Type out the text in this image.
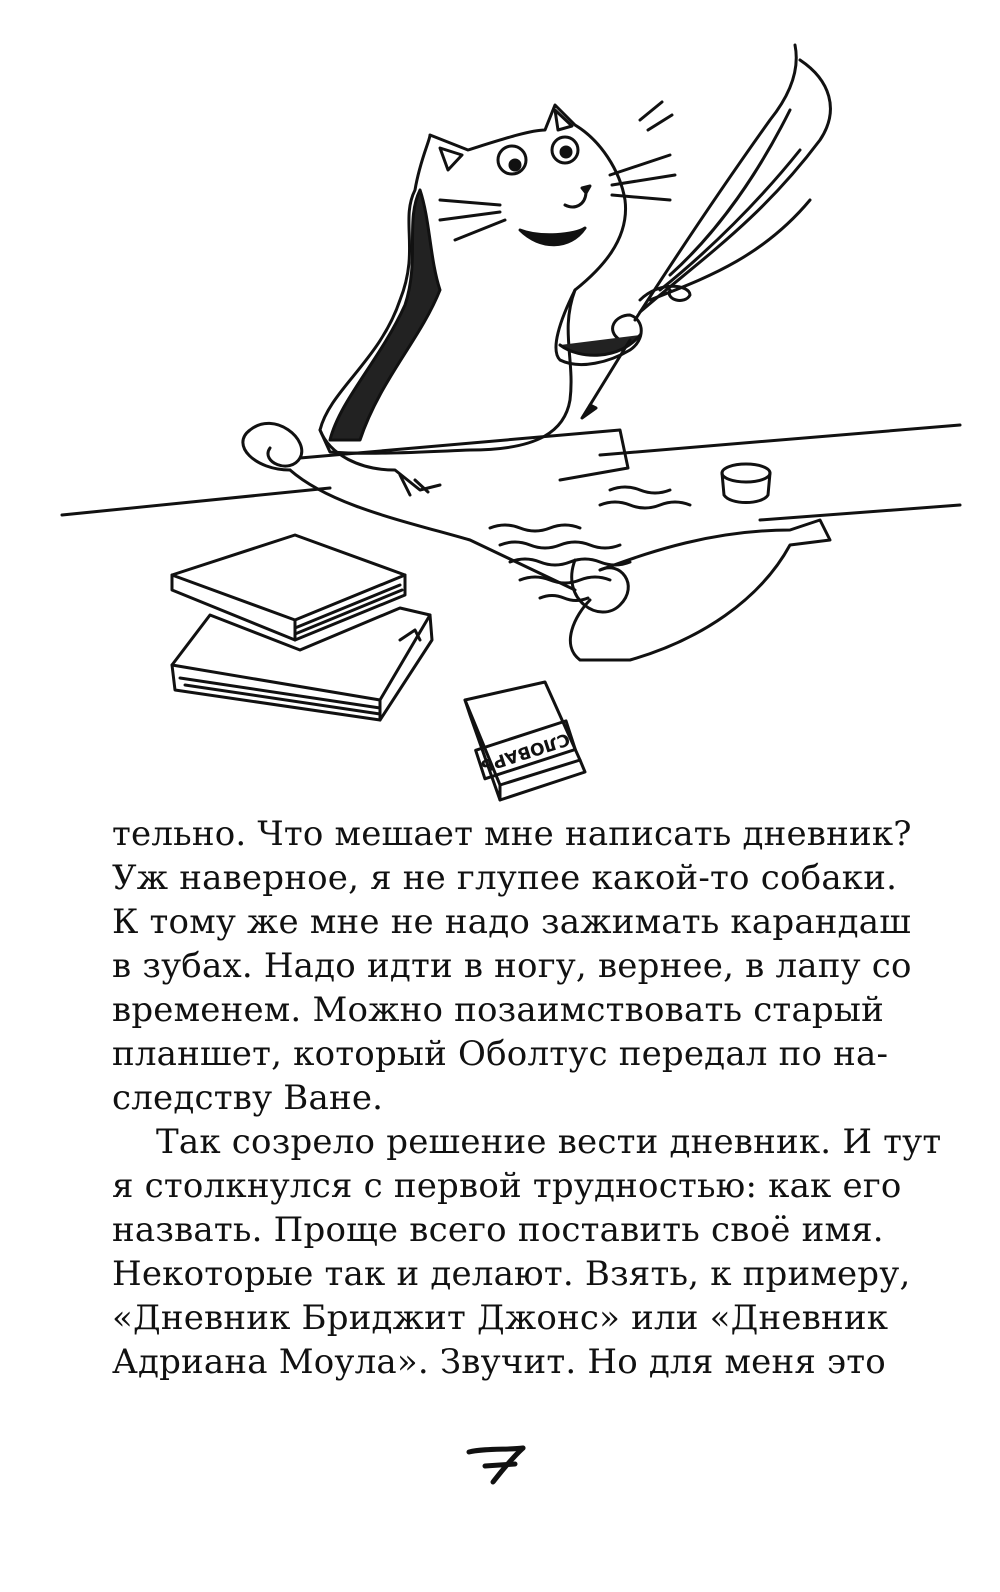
СЛОВАРЬ
тельно. Что мешает мне написать дневник?
Уж наверное, я не глупее какой-то собаки.
К тому же мне не надо зажимать карандаш
в зубах. Надо идти в ногу, вернее, в лапу со
временем. Можно позаимствовать старый
планшет, который Оболтус передал по на-
следству Ване.
Так созрело решение вести дневник. И тут
я столкнулся с первой трудностью: как его
назвать. Проще всего поставить своё имя.
Некоторые так и делают. Взять, к примеру,
«Дневник Бриджит Джонс» или «Дневник
Адриана Моула». Звучит. Но для меня это
